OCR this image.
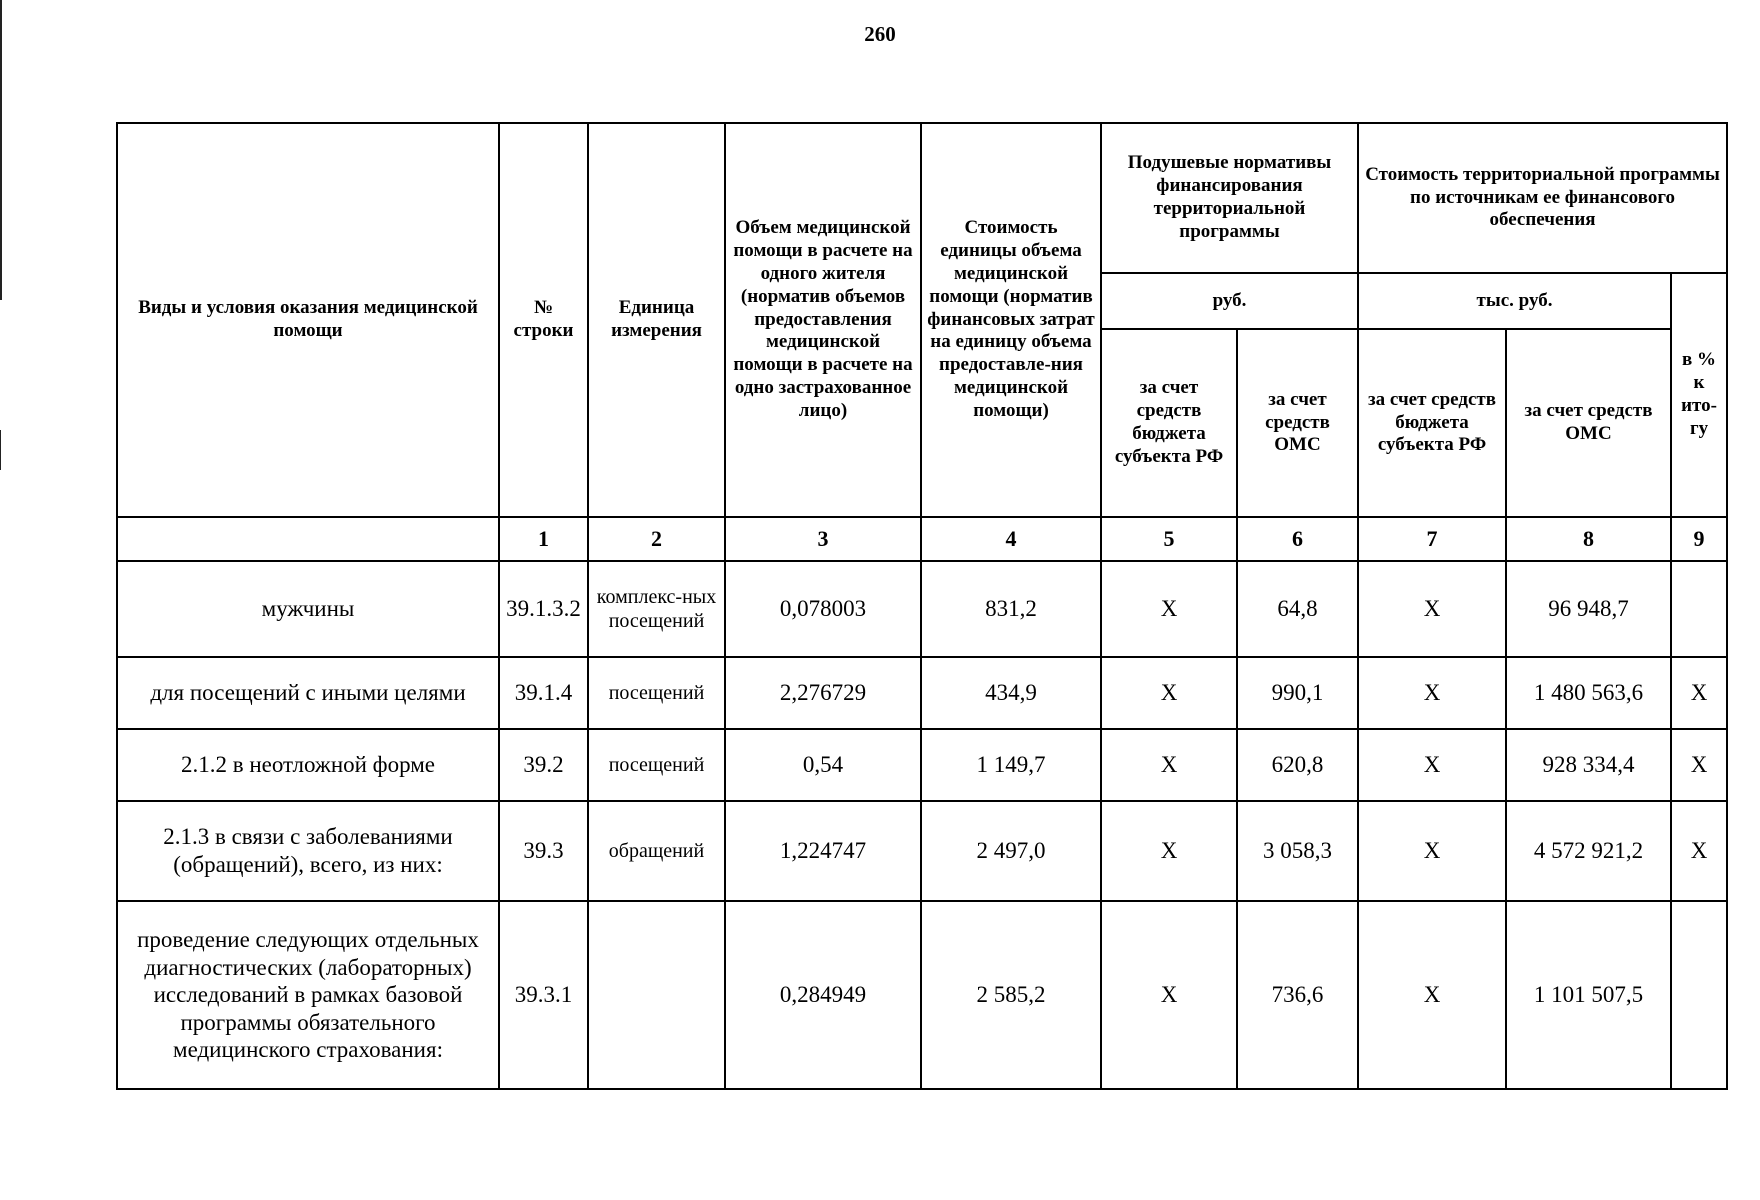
260
Виды и условия оказания медицинской помощи	№ строки	Единица измерения	Объем медицинской помощи в расчете на одного жителя (норматив объемов предоставления медицинской помощи в расчете на одно застрахованное лицо)	Стоимость единицы объема медицинской помощи (норматив финансовых затрат на единицу объема предоставле-ния медицинской помощи)	Подушевые нормативы финансирования территориальной программы		Стоимость территориальной программы по источникам ее финансового обеспечения		
					руб.		тыс. руб.		в % к ито-гу
					за счет средств бюджета субъекта РФ	за счет средств ОМС	за счет средств бюджета субъекта РФ	за счет средств ОМС	
	1	2	3	4	5	6	7	8	9
мужчины	39.1.3.2	комплекс-ных посещений	0,078003	831,2	X	64,8	X	96 948,7	
для посещений с иными целями	39.1.4	посещений	2,276729	434,9	X	990,1	X	1 480 563,6	X
2.1.2 в неотложной форме	39.2	посещений	0,54	1 149,7	X	620,8	X	928 334,4	X
2.1.3 в связи с заболеваниями (обращений), всего, из них:	39.3	обращений	1,224747	2 497,0	X	3 058,3	X	4 572 921,2	X
проведение следующих отдельных диагностических (лабораторных) исследований в рамках базовой программы обязательного медицинского страхования:	39.3.1		0,284949	2 585,2	X	736,6	X	1 101 507,5	
